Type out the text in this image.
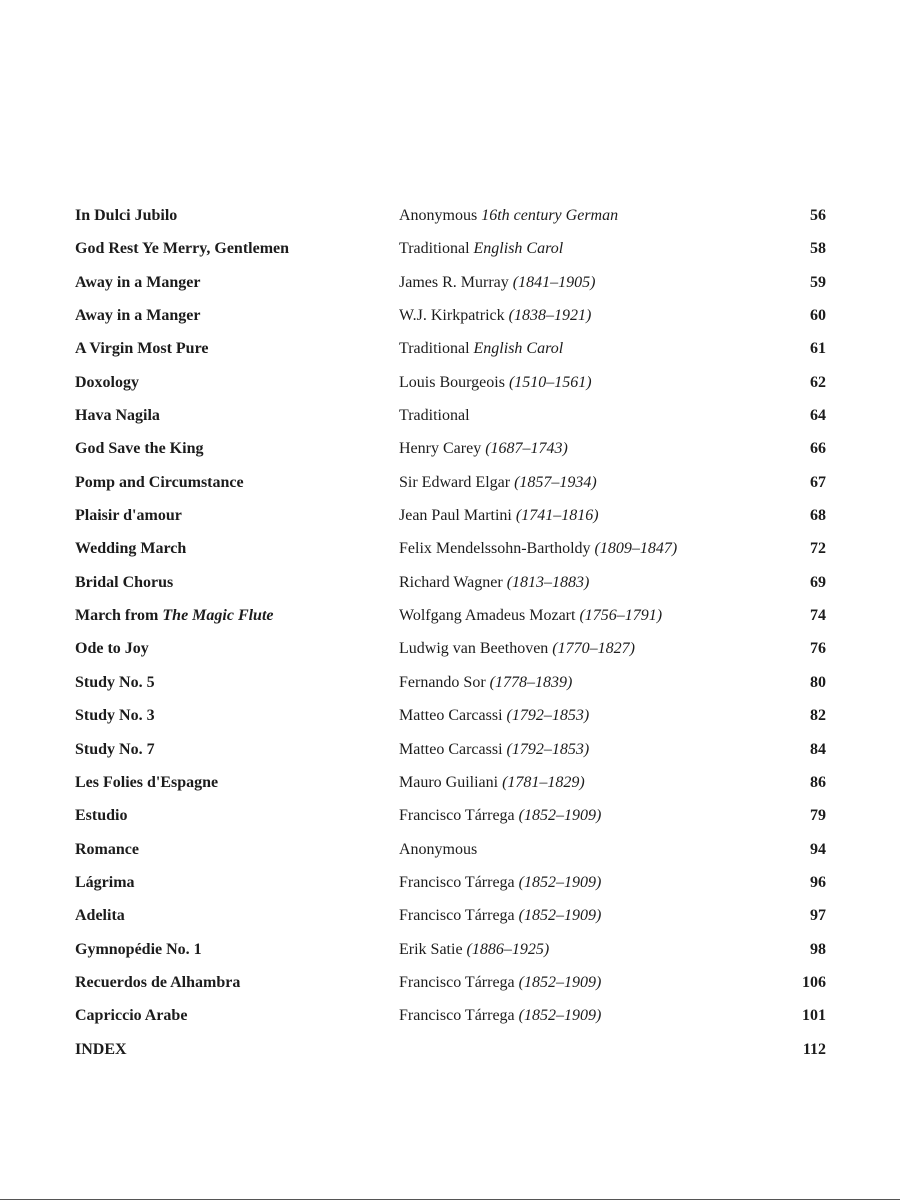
In Dulci Jubilo	Anonymous 16th century German	56
God Rest Ye Merry, Gentlemen	Traditional English Carol	58
Away in a Manger	James R. Murray (1841–1905)	59
Away in a Manger	W.J. Kirkpatrick (1838–1921)	60
A Virgin Most Pure	Traditional English Carol	61
Doxology	Louis Bourgeois (1510–1561)	62
Hava Nagila	Traditional	64
God Save the King	Henry Carey (1687–1743)	66
Pomp and Circumstance	Sir Edward Elgar (1857–1934)	67
Plaisir d'amour	Jean Paul Martini (1741–1816)	68
Wedding March	Felix Mendelssohn-Bartholdy (1809–1847)	72
Bridal Chorus	Richard Wagner (1813–1883)	69
March from The Magic Flute	Wolfgang Amadeus Mozart (1756–1791)	74
Ode to Joy	Ludwig van Beethoven (1770–1827)	76
Study No. 5	Fernando Sor (1778–1839)	80
Study No. 3	Matteo Carcassi (1792–1853)	82
Study No. 7	Matteo Carcassi (1792–1853)	84
Les Folies d'Espagne	Mauro Guiliani (1781–1829)	86
Estudio	Francisco Tárrega (1852–1909)	79
Romance	Anonymous	94
Lágrima	Francisco Tárrega (1852–1909)	96
Adelita	Francisco Tárrega (1852–1909)	97
Gymnopédie No. 1	Erik Satie (1886–1925)	98
Recuerdos de Alhambra	Francisco Tárrega (1852–1909)	106
Capriccio Arabe	Francisco Tárrega (1852–1909)	101
INDEX	112
